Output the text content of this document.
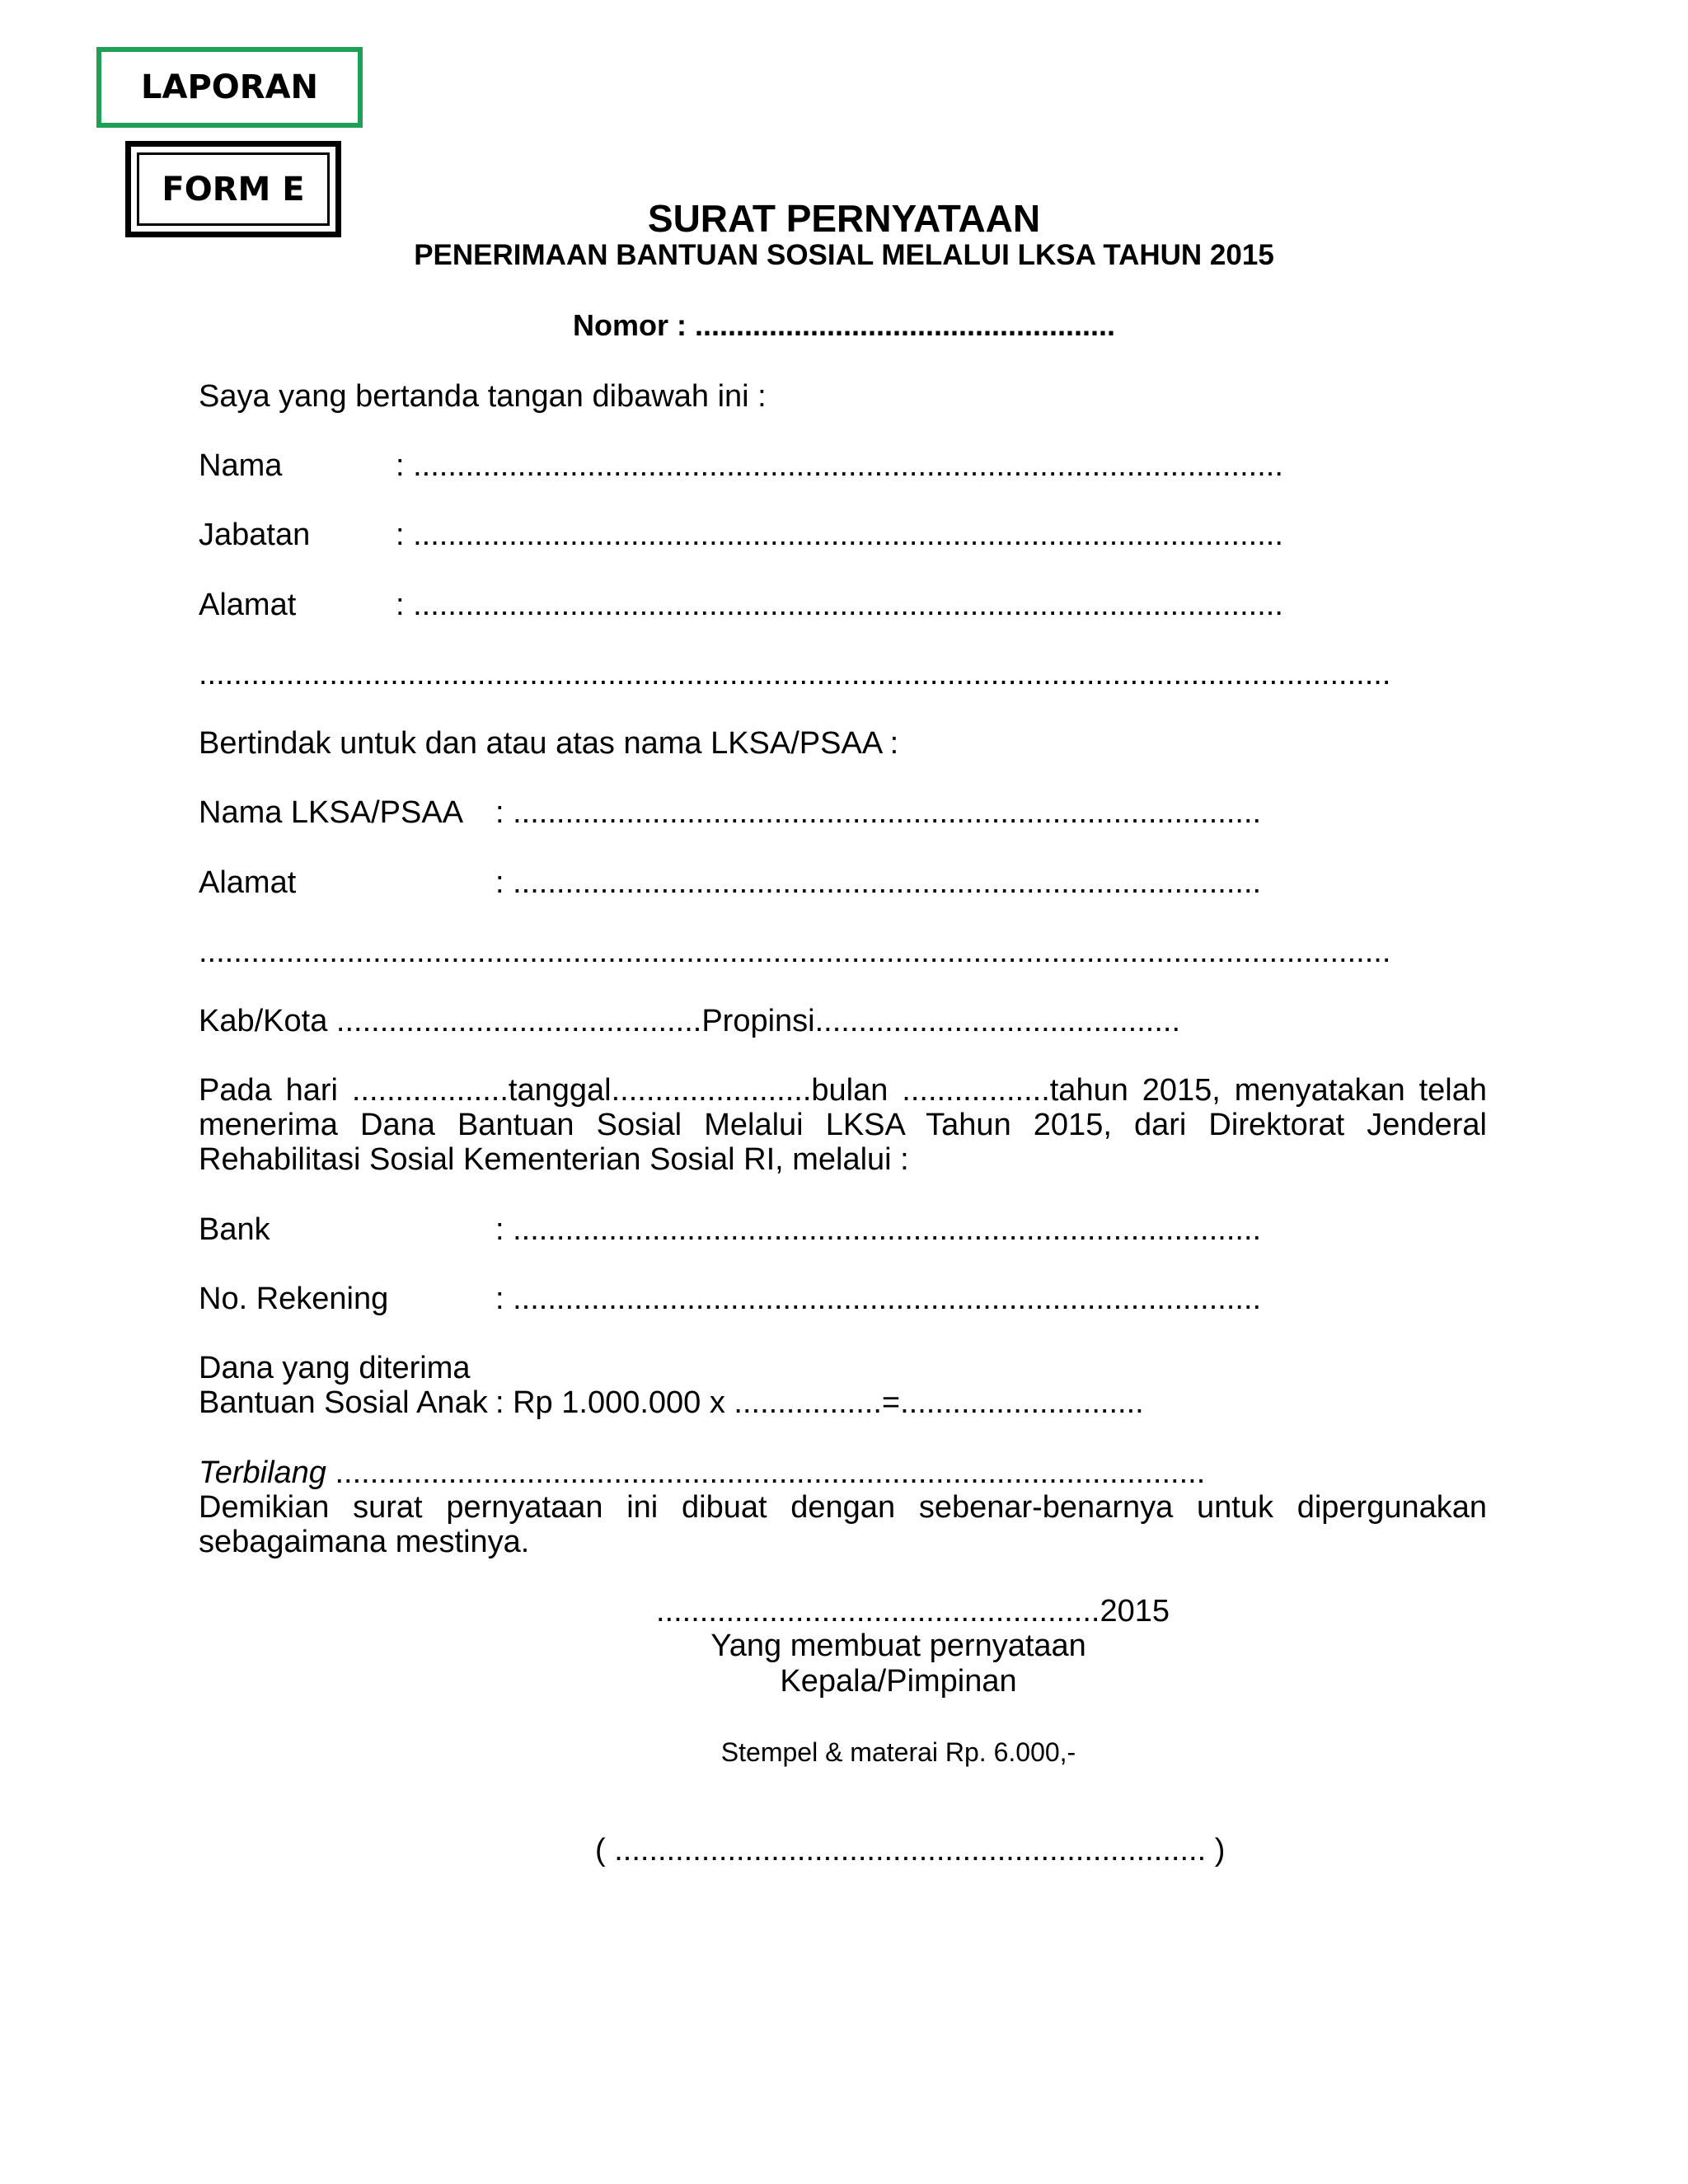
LAPORAN
FORM E
SURAT PERNYATAAN
PENERIMAAN BANTUAN SOSIAL MELALUI LKSA TAHUN 2015
Nomor : ...................................................
Saya yang bertanda tangan dibawah ini :
Nama	: ....................................................................................................
Jabatan	: ....................................................................................................
Alamat	: ....................................................................................................
.........................................................................................................................................
Bertindak untuk dan atau atas nama LKSA/PSAA :
Nama LKSA/PSAA : ......................................................................................
Alamat	: ......................................................................................
.........................................................................................................................................
Kab/Kota ..........................................Propinsi..........................................
Pada hari ..................tanggal.......................bulan .................tahun 2015, menyatakan telah
menerima Dana Bantuan Sosial Melalui LKSA Tahun 2015, dari Direktorat Jenderal
Rehabilitasi Sosial Kementerian Sosial RI, melalui :
Bank	: ......................................................................................
No. Rekening	: ......................................................................................
Dana yang diterima
Bantuan Sosial Anak : Rp 1.000.000 x .................=............................
Terbilang ....................................................................................................
Demikian surat pernyataan ini dibuat dengan sebenar-benarnya untuk dipergunakan
sebagaimana mestinya.
...................................................2015
Yang membuat pernyataan
Kepala/Pimpinan
Stempel & materai Rp. 6.000,-
( .................................................................... )
